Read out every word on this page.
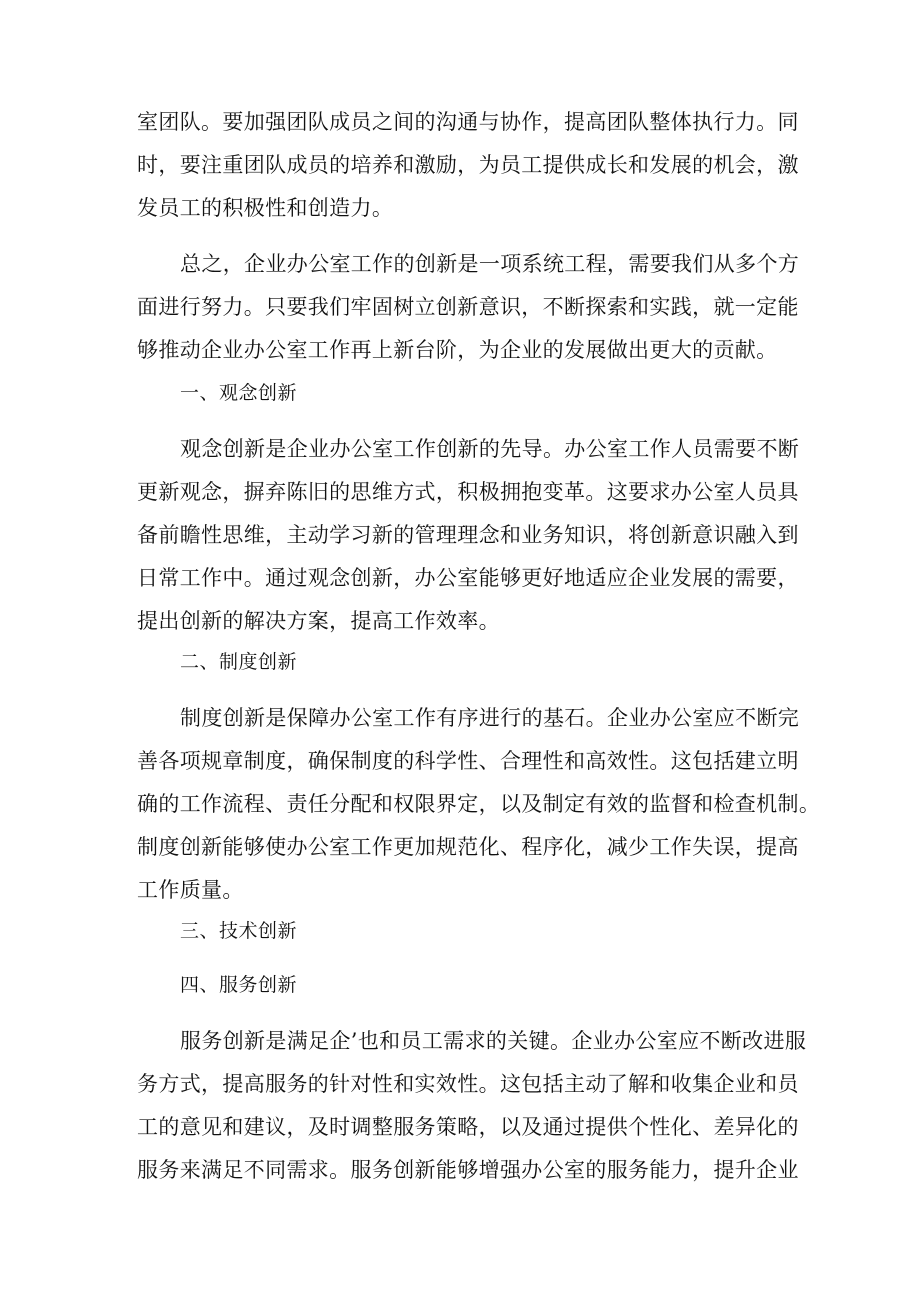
室团队。要加强团队成员之间的沟通与协作，提高团队整体执行力。同
时，要注重团队成员的培养和激励，为员工提供成长和发展的机会，激
发员工的积极性和创造力。
总之，企业办公室工作的创新是一项系统工程，需要我们从多个方
面进行努力。只要我们牢固树立创新意识，不断探索和实践，就一定能
够推动企业办公室工作再上新台阶，为企业的发展做出更大的贡献。
一、观念创新
观念创新是企业办公室工作创新的先导。办公室工作人员需要不断
更新观念，摒弃陈旧的思维方式，积极拥抱变革。这要求办公室人员具
备前瞻性思维，主动学习新的管理理念和业务知识，将创新意识融入到
日常工作中。通过观念创新，办公室能够更好地适应企业发展的需要，
提出创新的解决方案，提高工作效率。
二、制度创新
制度创新是保障办公室工作有序进行的基石。企业办公室应不断完
善各项规章制度，确保制度的科学性、合理性和高效性。这包括建立明
确的工作流程、责任分配和权限界定，以及制定有效的监督和检查机制。
制度创新能够使办公室工作更加规范化、程序化，减少工作失误，提高
工作质量。
三、技术创新
四、服务创新
服务创新是满足企’也和员工需求的关键。企业办公室应不断改进服
务方式，提高服务的针对性和实效性。这包括主动了解和收集企业和员
工的意见和建议，及时调整服务策略，以及通过提供个性化、差异化的
服务来满足不同需求。服务创新能够增强办公室的服务能力，提升企业
